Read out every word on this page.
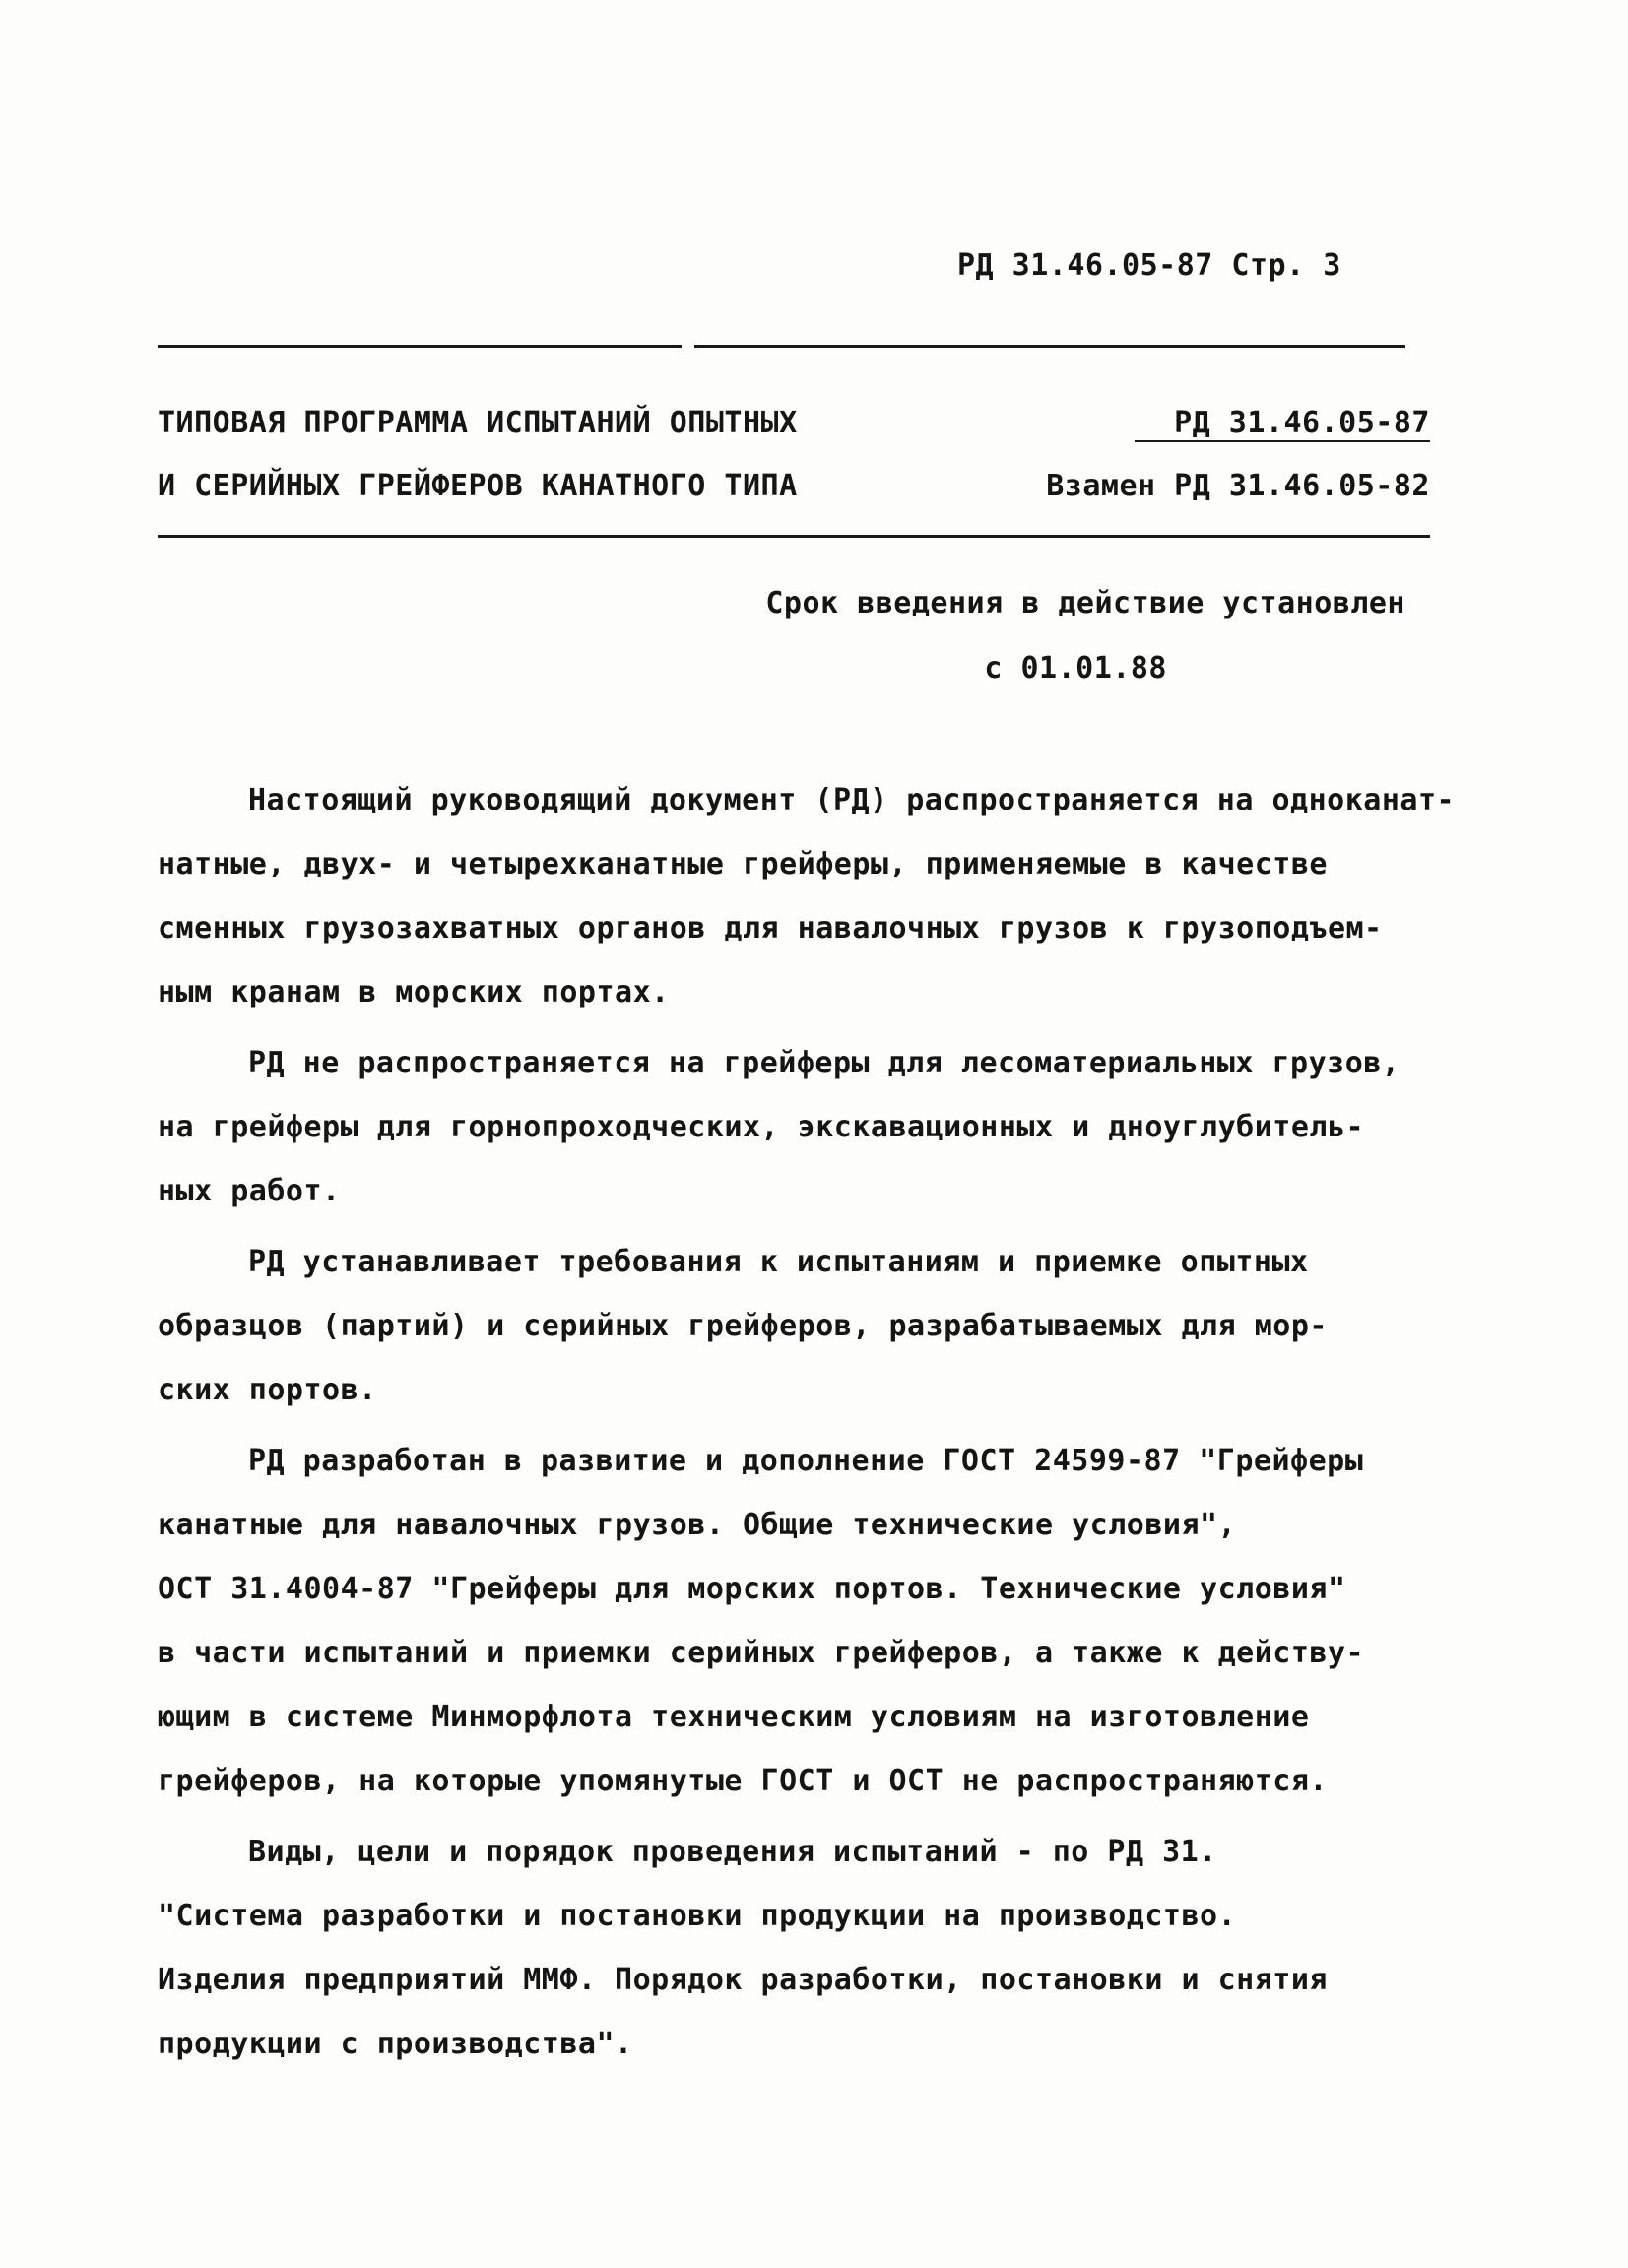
РД 31.46.05-87 Стр. 3
ТИПОВАЯ ПРОГРАММА ИСПЫТАНИЙ ОПЫТНЫХ
И СЕРИЙНЫХ ГРЕЙФЕРОВ КАНАТНОГО ТИПА
РД 31.46.05-87
Взамен РД 31.46.05-82
Срок введения в действие установлен
с 01.01.88
Настоящий руководящий документ (РД) распространяется на одноканат-
натные, двух- и четырехканатные грейферы, применяемые в качестве
сменных грузозахватных органов для навалочных грузов к грузоподъем-
ным кранам в морских портах.
РД не распространяется на грейферы для лесоматериальных грузов,
на грейферы для горнопроходческих, экскавационных и дноуглубитель-
ных работ.
РД устанавливает требования к испытаниям и приемке опытных
образцов (партий) и серийных грейферов, разрабатываемых для мор-
ских портов.
РД разработан в развитие и дополнение ГОСТ 24599-87 "Грейферы
канатные для навалочных грузов. Общие технические условия",
ОСТ 31.4004-87 "Грейферы для морских портов. Технические условия"
в части испытаний и приемки серийных грейферов, а также к действу-
ющим в системе Минморфлота техническим условиям на изготовление
грейферов, на которые упомянутые ГОСТ и ОСТ не распространяются.
Виды, цели и порядок проведения испытаний - по РД 31.
"Система разработки и постановки продукции на производство.
Изделия предприятий ММФ. Порядок разработки, постановки и снятия
продукции с производства".
